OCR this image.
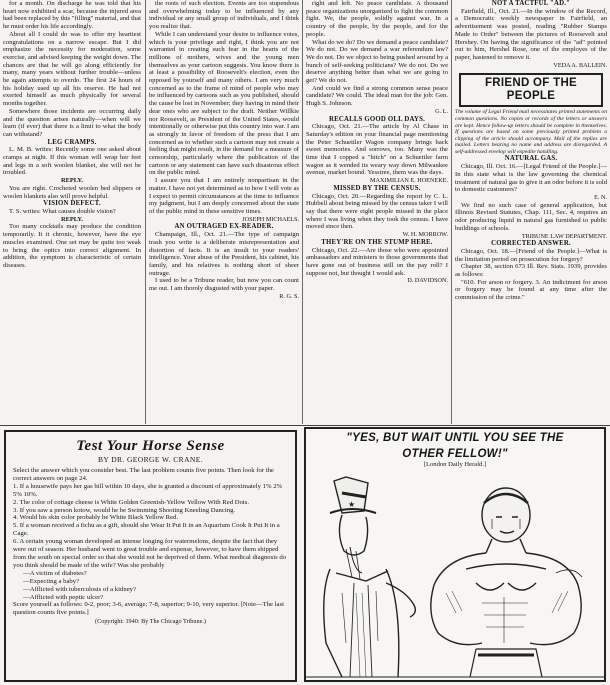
for a month. On discharge he was told that his heart now exhibited a scar, because the injured area had been replaced by this "filling" material, and that he must order his life accordingly.

About all I could do was to offer my heartiest congratulations on a narrow escape. But I did emphasize the necessity for moderation, some exercise, and advised keeping the weight down. The chances are that he will go along efficiently for many, many years without further trouble—unless he again attempts to overdo. The first 24 hours of his holiday used up all his reserve. He had not exerted himself as much physically for several months together.

Somewhere those incidents are occurring daily and the question arises naturally—when will we learn (if ever) that there is a limit to what the body can withstand?

LEG CRAMPS.

L. M. B. writes: Recently some one asked about cramps at night. If this woman will wrap her feet and legs in a soft woolen blanket, she will not be troubled.

REPLY.

You are right. Crocheted woolen bed slippers or woolen blankets also will prove helpful.

VISION DEFECT.

T. S. writes: What causes double vision?

REPLY.

Too many cocktails may produce the condition temporarily. It it chronic, however, have the eye muscles examined. One set may be quite too weak to bring the optics into correct alignment. In addition, the symptom is characteristic of certain diseases.

the roots of such election. Events are too stupendous and overwhelming today to be influenced by any individual or any small group of individuals, and I think you realize that.

While I can understand your desire to influence votes, which is your privilege and right, I think you are not warranted in creating such fear in the hearts of the millions of mothers, wives and the young men themselves as your cartoon suggests. You know there is at least a possibility of Roosevelt's election, even tho opposed by yourself and many others. I am very much concerned as to the frame of mind of people who may be influenced by cartoons such as you published, should the cause be lost in November; they having in mind their dear ones who are subject to the draft. Neither Willkie nor Roosevelt, as President of the United States, would intentionally or otherwise put this country into war. I am as strongly in favor of freedom of the press that I am concerned as to whether such a cartoon may not create a feeling that might result, in the demand for a measure of censorship, particularly where the publication of the cartoon or any statement can have such disastrous effect on the public mind.

I assure you that I am entirely nonpartisan in the matter. I have not yet determined as to how I will vote as I expect to permit circumstances at the time to influence my judgment, but I am deeply concerned about the state of the public mind in these sensitive times.

JOSEPH MICHAELS.

AN OUTRAGED EX-READER.

Champaign, Ill., Oct. 21.—The type of campaign trash you write is a deliberate misrepresentation and distortion of facts. It is an insult to your readers' intelligence. Your abuse of the President, his cabinet, his family, and his relatives is nothing short of sheer outrage.

I used to be a Tribune reader, but now you can count me out. I am thoroly disgusted with your paper.

R. G. S.

right and left. No peace candidate. A thousand peace organizations unorganized to fight the common fight. We, the people, solidly against war. In a country of the people, by the people, and for the people.

What do we do? Do we demand a peace candidate? We do not. Do we demand a war referendum law? We do not. Do we object to being pushed around by a bunch of self-seeking politicians? We do not. Do we deserve anything better than what we are going to get? We do not.

And could we find a strong common sense peace candidate? We could. The ideal man for the job: Gen. Hugh S. Johnson.

G. L.

RECALLS GOOD OLL DAYS.

Chicago, Oct. 21.—The article by Al Chase in Saturday's edition on your financial page mentioning the Peter Schuettler Wagon company brings back sweet memories. And sorrows, too. Many was the time that I copped a "hitch" on a Schuettler farm wagon as it wended its weary way down Milwaukee avenue, market bound. Yesstree, them was the days.

MAXIMILIAN E. HOENEKE.

MISSED BY THE CENSUS.

Chicago, Oct. 20.—Regarding the report by C. L. Hubbell about being missed by the census taker I will say that there were eight people missed in the place where I was living when they took the census. I have moved since then.

W. H. MORROW.

THEY'RE ON THE STUMP HERE.

Chicago, Oct. 22.—Are those who were appointed ambassadors and ministers to those governments that have gone out of business still on the pay roll? I suppose not, but thought I would ask.

D. DAVIDSON.

NOT A TACTFUL "AD."

Fairfield, Ill., Oct. 21.—In the window of the Record, a Democratic weekly newspaper in Fairfield, an advertisement was posted, reading "Rubber Stamps Made to Order" between the pictures of Roosevelt and Hershey. On having the significance of the "ad" pointed out to him, Hershel Rose, one of the employes of the paper, hastened to remove it.

VEDA A. BALLEIN.

FRIEND OF THE PEOPLE

The volume of Legal Friend mail necessitates printed statements on common questions. No copies or records of the letters or answers are kept. Hence follow-up letters should be complete in themselves. If questions are based on some previously printed problem a clipping of the article should accompany. Mail of the replies are mailed. Letters bearing no name and address are disregarded. A self-addressed envelop will expedite handling.

NATURAL GAS.

Chicago, Ill. Oct. 16.—[Legal Friend of the People.]—In this state what is the law governing the chemical treatment of natural gas to give it an odor before it is sold to domestic customers?

E. N.

We find no such case of general application, but Illinois Revised Statutes, Chap. 111, Sec. 4, requires an odor producing liquid in natural gas furnished to public buildings of schools.

TRIBUNE LAW DEPARTMENT.

CORRECTED ANSWER.

Chicago, Oct. 18.—[Friend of the People.]—What is the limitation period on prosecution for forgery?

Chapter 38, section 673 Ill. Rev. Stats. 1939, provides as follows:

"610. For arson or forgery. 3. An indictment for arson or forgery may be found at any time after the commission of the crime."

Test Your Horse Sense
BY DR. GEORGE W. CRANE.

Select the answer which you consider best. The last problem counts five points. Then look for the correct answers on page 24.

1. If a housewife pays her gas bill within 10 days, she is granted a discount of approximately 1% 2% 5% 10%.

2. The color of cottage cheese is White Golden Greenish-Yellow Yellow With Red Dots.

3. If you saw a person kotow, would he be Swimming Shooting Kneeling Dancing.

4. Would his skin color probably be White Black Yellow Red.

5. If a woman received a fichu as a gift, should she Wear It Put It in an Aquarium Cook It Put It in a Cage.

6. A certain young woman developed an intense longing for watermelons, despite the fact that they were out of season. Her husband went to great trouble and expense, however, to have them shipped from the south on special order so that she would not be deprived of them. What medical diagnosis do you think should be made of the wife? Was she probably

—A victim of diabetes?

—Expecting a baby?

—Afflicted with tuberculosis of a kidney?

—Afflicted with peptic ulcer?

Score yourself as follows: 0-2, poor; 3-6, average; 7-8, superior; 9-10, very superior. [Note—The last question counts five points.]

(Copyright: 1940: By The Chicago Tribune.)

"YES, BUT WAIT UNTIL YOU SEE THE
OTHER FELLOW!"
[London Daily Herald.]
★
